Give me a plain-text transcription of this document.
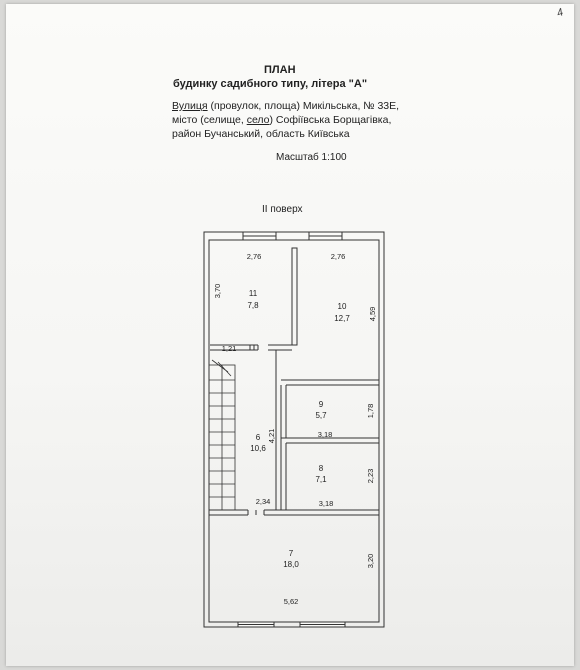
4
ПЛАН
будинку садибного типу, літера "А"
Вулиця (провулок, площа) Микільська, № 33Е,
місто (селище, село) Софіївська Борщагівка,
район Бучанський, область Київська
Масштаб 1:100
II поверх
11
7,8	10
12,7
9
5,7
6
10,6
8
7,1
7
18,0
2,76	2,76
3,70
4,59
1,21
1,78
3,18
4,21
2,23
2,34	3,18
3,20
5,62
